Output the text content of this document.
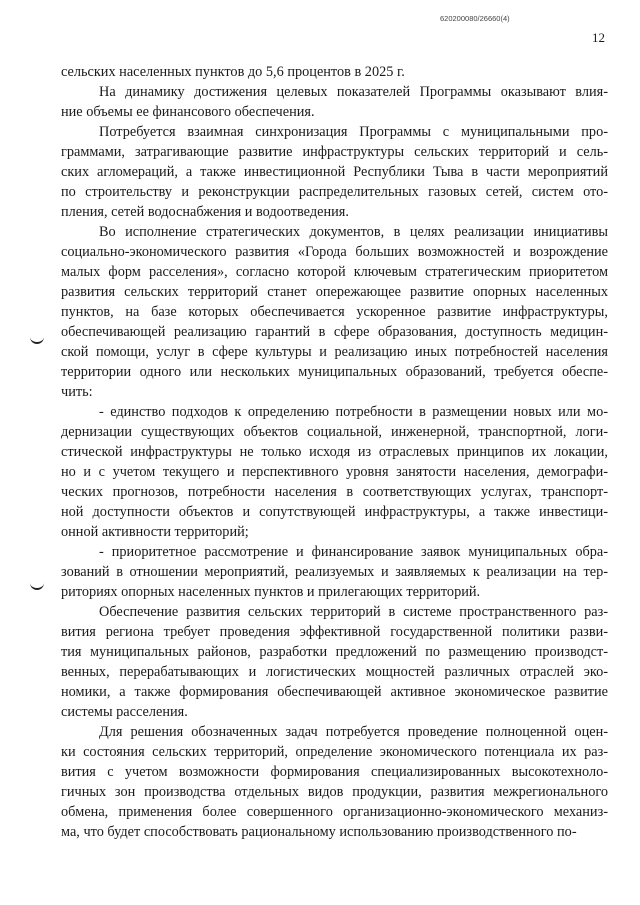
620200080/26660(4)
12

сельских населенных пунктов до 5,6 процентов в 2025 г.

На динамику достижения целевых показателей Программы оказывают влия-
ние объемы ее финансового обеспечения.

Потребуется взаимная синхронизация Программы с муниципальными про-
граммами, затрагивающие развитие инфраструктуры сельских территорий и сель-
ских агломераций, а также инвестиционной Республики Тыва в части мероприятий
по строительству и реконструкции распределительных газовых сетей, систем ото-
пления, сетей водоснабжения и водоотведения.

Во исполнение стратегических документов, в целях реализации инициативы
социально-экономического развития «Города больших возможностей и возрождение
малых форм расселения», согласно которой ключевым стратегическим приоритетом
развития сельских территорий станет опережающее развитие опорных населенных
пунктов, на базе которых обеспечивается ускоренное развитие инфраструктуры,
обеспечивающей реализацию гарантий в сфере образования, доступность медицин-
ской помощи, услуг в сфере культуры и реализацию иных потребностей населения
территории одного или нескольких муниципальных образований, требуется обеспе-
чить:

- единство подходов к определению потребности в размещении новых или мо-
дернизации существующих объектов социальной, инженерной, транспортной, логи-
стической инфраструктуры не только исходя из отраслевых принципов их локации,
но и с учетом текущего и перспективного уровня занятости населения, демографи-
ческих прогнозов, потребности населения в соответствующих услугах, транспорт-
ной доступности объектов и сопутствующей инфраструктуры, а также инвестици-
онной активности территорий;

- приоритетное рассмотрение и финансирование заявок муниципальных обра-
зований в отношении мероприятий, реализуемых и заявляемых к реализации на тер-
риториях опорных населенных пунктов и прилегающих территорий.

Обеспечение развития сельских территорий в системе пространственного раз-
вития региона требует проведения эффективной государственной политики разви-
тия муниципальных районов, разработки предложений по размещению производст-
венных, перерабатывающих и логистических мощностей различных отраслей эко-
номики, а также формирования обеспечивающей активное экономическое развитие
системы расселения.

Для решения обозначенных задач потребуется проведение полноценной оцен-
ки состояния сельских территорий, определение экономического потенциала их раз-
вития с учетом возможности формирования специализированных высокотехноло-
гичных зон производства отдельных видов продукции, развития межрегионального
обмена, применения более совершенного организационно-экономического механиз-
ма, что будет способствовать рациональному использованию производственного по-
